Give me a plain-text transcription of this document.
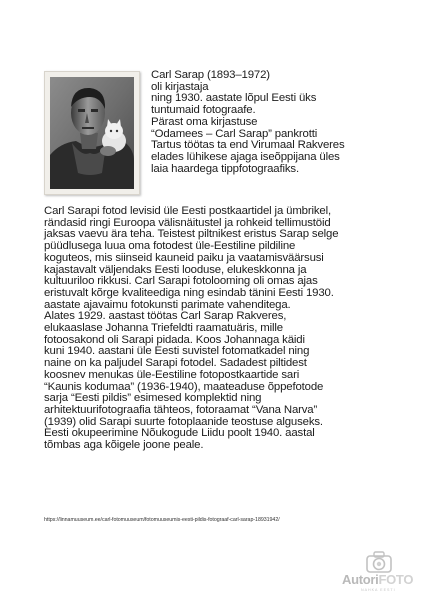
Carl Sarap (1893–1972)
oli kirjastaja
ning 1930. aastate lõpul Eesti üks
tuntumaid fotograafe.
Pärast oma kirjastuse
“Odamees – Carl Sarap” pankrotti
Tartus töötas ta end Virumaal Rakveres
elades lühikese ajaga iseõppijana üles
laia haardega tippfotograafiks.
Carl Sarapi fotod levisid üle Eesti postkaartidel ja ümbrikel,
rändasid ringi Euroopa välisnäitustel ja rohkeid tellimustöid
jaksas vaevu ära teha. Teistest piltnikest eristus Sarap selge
püüdlusega luua oma fotodest üle-Eestiline pildiline
koguteos, mis siinseid kauneid paiku ja vaatamisväärsusi
kajastavalt väljendaks Eesti looduse, elukeskkonna ja
kultuuriloo rikkusi. Carl Sarapi fotolooming oli omas ajas
eristuvalt kõrge kvaliteediga ning esindab tänini Eesti 1930.
aastate ajavaimu fotokunsti parimate vahenditega.
Alates 1929. aastast töötas Carl Sarap Rakveres,
elukaaslase Johanna Triefeldti raamatuäris, mille
fotoosakond oli Sarapi pidada. Koos Johannaga käidi
kuni 1940. aastani üle Eesti suvistel fotomatkadel ning
naine on ka paljudel Sarapi fotodel. Sadadest piltidest
koosnev menukas üle-Eestiline fotopostkaartide sari
“Kaunis kodumaa” (1936-1940), maateaduse õppefotode
sarja “Eesti pildis” esimesed komplektid ning
arhitektuurifotograafia tähteos, fotoraamat “Vana Narva”
(1939) olid Sarapi suurte fotoplaanide teostuse alguseks.
Eesti okupeerimine Nõukogude Liidu poolt 1940. aastal
tõmbas aga kõigele joone peale.
https://linnamuuseum.ee/carl-fotomuuseum/fotomuuseumis-eesti-pildis-fotograaf-carl-sarap-18931942/
AutoriFOTO
NAHKA EESTI
